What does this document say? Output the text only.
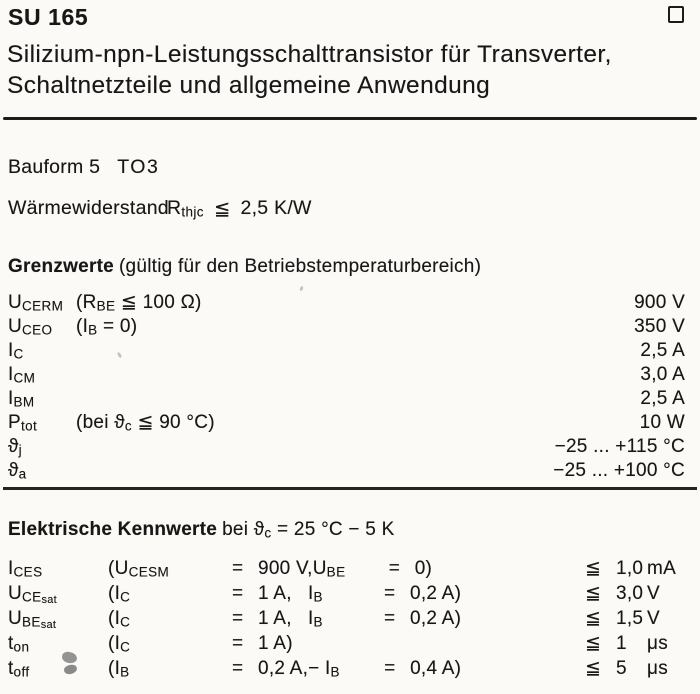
SU 165
Silizium-npn-Leistungsschalttransistor für Transverter,
Schaltnetzteile und allgemeine Anwendung
Bauform 5 TO3
Wärmewiderstand
Rthjc ≦ 2,5 K/W
Grenzwerte (gültig für den Betriebstemperaturbereich)
UCERM (RBE ≦ 100 Ω)	900 V
UCEO	(IB = 0)	350 V
IC	2,5 A
ICM	3,0 A
IBM	2,5 A
Ptot	(bei ϑc ≦ 90 °C)	10 W
ϑj	−25 ... +115 °C
ϑa	−25 ... +100 °C
Elektrische Kennwerte bei ϑc = 25 °C − 5 K
ICES	(UCESM	= 900 V, UBE	= 0)	≦ 1,0 mA
$UCE_{sat}$	(IC	= 1 A, IB	= 0,2 A)	≦ 3,0 V
$UBE_{sat}$	(IC	= 1 A, IB	= 0,2 A)	≦ 1,5 V
ton	(IC	= 1 A)	≦ 1 μs
toff	(IB	= 0,2 A, − IB	= 0,4 A)	≦ 5 μs
